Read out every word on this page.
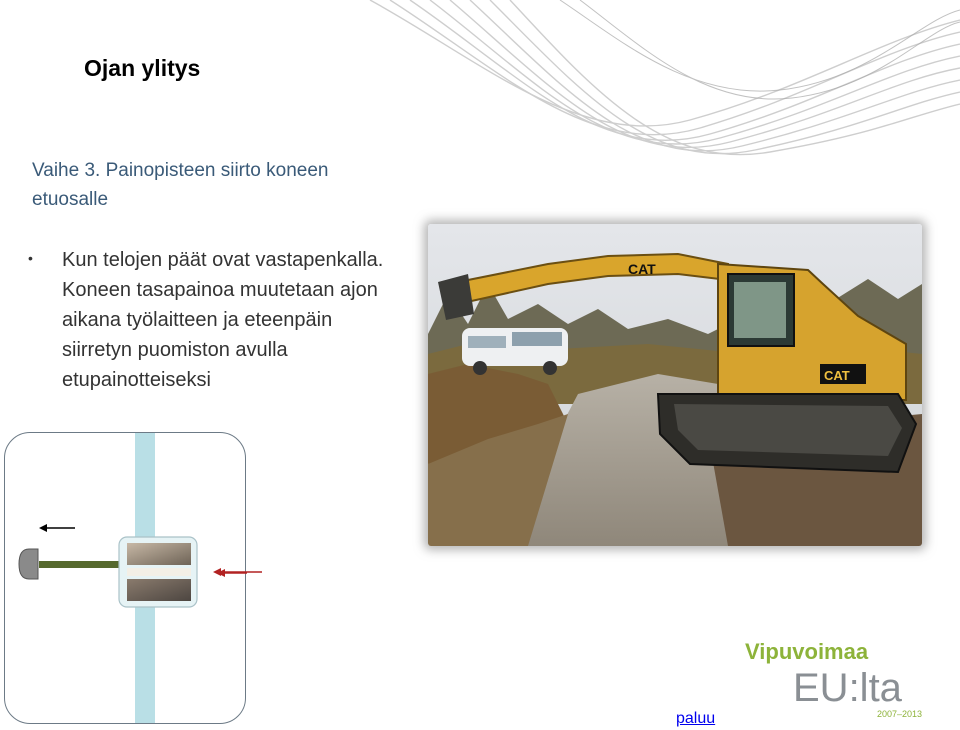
Ojan ylitys
Vaihe 3. Painopisteen siirto koneen
etuosalle
• Kun telojen päät ovat vastapenkalla.
Koneen tasapainoa muutetaan ajon
aikana työlaitteen ja eteenpäin
siirretyn puomiston avulla
etupainotteiseksi
CAT
CAT
Vipuvoimaa
EU:lta
2007–2013
paluu
